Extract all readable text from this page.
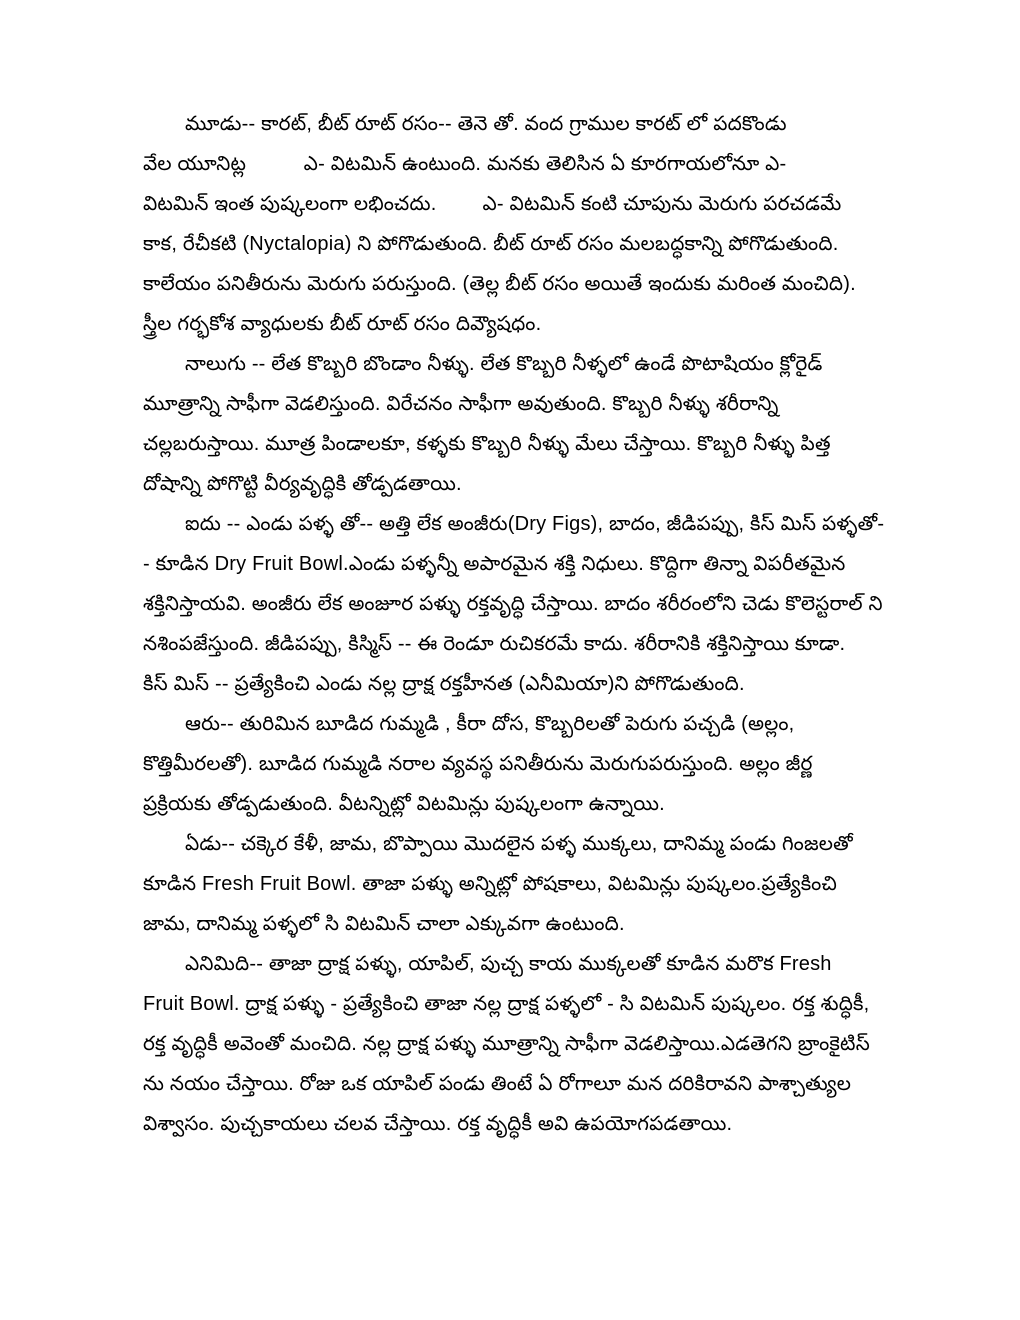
మూడు-- కారట్, బీట్ రూట్ రసం-- తెనె తో. వంద గ్రాముల కారట్ లో పదకొండు
వేల యూనిట్ల          ఎ- విటమిన్ ఉంటుంది. మనకు తెలిసిన ఏ కూరగాయలోనూ ఎ-
విటమిన్ ఇంత పుష్కలంగా లభించదు.        ఎ- విటమిన్ కంటి చూపును మెరుగు పరచడమే
కాక, రేచీకటి (Nyctalopia) ని పోగొడుతుంది. బీట్ రూట్ రసం మలబద్ధకాన్ని పోగొడుతుంది.
కాలేయం పనితీరును మెరుగు పరుస్తుంది. (తెల్ల బీట్ రసం అయితే ఇందుకు మరింత మంచిది).
స్త్రీల గర్భకోశ వ్యాధులకు బీట్ రూట్ రసం దివ్యౌషధం.
నాలుగు -- లేత కొబ్బరి బొండాం నీళ్ళు. లేత కొబ్బరి నీళ్ళలో ఉండే పొటాషియం క్లోరైడ్
మూత్రాన్ని సాఫీగా వెడలిస్తుంది. విరేచనం సాఫీగా అవుతుంది. కొబ్బరి నీళ్ళు శరీరాన్ని
చల్లబరుస్తాయి. మూత్ర పిండాలకూ, కళ్ళకు కొబ్బరి నీళ్ళు మేలు చేస్తాయి. కొబ్బరి నీళ్ళు పిత్త
దోషాన్ని పోగొట్టి వీర్యవృద్ధికి తోడ్పడతాయి.
ఐదు -- ఎండు పళ్ళ తో-- అత్తి లేక అంజీరు(Dry Figs), బాదం, జీడిపప్పు, కిస్ మిస్ పళ్ళతో-
- కూడిన Dry Fruit Bowl.ఎండు పళ్ళన్నీ అపారమైన శక్తి నిధులు. కొద్దిగా తిన్నా విపరీతమైన
శక్తినిస్తాయవి. అంజీరు లేక అంజూర పళ్ళు రక్తవృద్ధి చేస్తాయి. బాదం శరీరంలోని చెడు కొలెస్టరాల్ ని
నశింపజేస్తుంది. జీడిపప్పు, కిస్మిస్ -- ఈ రెండూ రుచికరమే కాదు. శరీరానికి శక్తినిస్తాయి కూడా.
కిస్ మిస్ -- ప్రత్యేకించి ఎండు నల్ల ద్రాక్ష రక్తహీనత (ఎనీమియా)ని పోగొడుతుంది.
ఆరు-- తురిమిన బూడిద గుమ్మడి , కీరా దోస, కొబ్బరిలతో పెరుగు పచ్చడి (అల్లం,
కొత్తిమీరలతో). బూడిద గుమ్మడి నరాల వ్యవస్థ పనితీరును మెరుగుపరుస్తుంది. అల్లం జీర్ణ
ప్రక్రియకు తోడ్పడుతుంది. వీటన్నిట్లో విటమిన్లు పుష్కలంగా ఉన్నాయి.
ఏడు-- చక్కెర కేళీ, జామ, బొప్పాయి మొదలైన పళ్ళ ముక్కలు, దానిమ్మ పండు గింజలతో
కూడిన Fresh Fruit Bowl. తాజా పళ్ళు అన్నిట్లో పోషకాలు, విటమిన్లు పుష్కలం.ప్రత్యేకించి
జామ, దానిమ్మ పళ్ళలో సి విటమిన్ చాలా ఎక్కువగా ఉంటుంది.
ఎనిమిది-- తాజా ద్రాక్ష పళ్ళు, యాపిల్, పుచ్చ కాయ ముక్కలతో కూడిన మరొక Fresh
Fruit Bowl. ద్రాక్ష పళ్ళు - ప్రత్యేకించి తాజా నల్ల ద్రాక్ష పళ్ళలో - సి విటమిన్ పుష్కలం. రక్త శుద్ధికీ,
రక్త వృద్ధికీ అవెంతో మంచిది. నల్ల ద్రాక్ష పళ్ళు మూత్రాన్ని సాఫీగా వెడలిస్తాయి.ఎడతెగని బ్రాంకైటిస్
ను నయం చేస్తాయి. రోజు ఒక యాపిల్ పండు తింటే ఏ రోగాలూ మన దరికిరావని పాశ్చాత్యుల
విశ్వాసం. పుచ్చకాయలు చలవ చేస్తాయి. రక్త వృద్ధికీ అవి ఉపయోగపడతాయి.
